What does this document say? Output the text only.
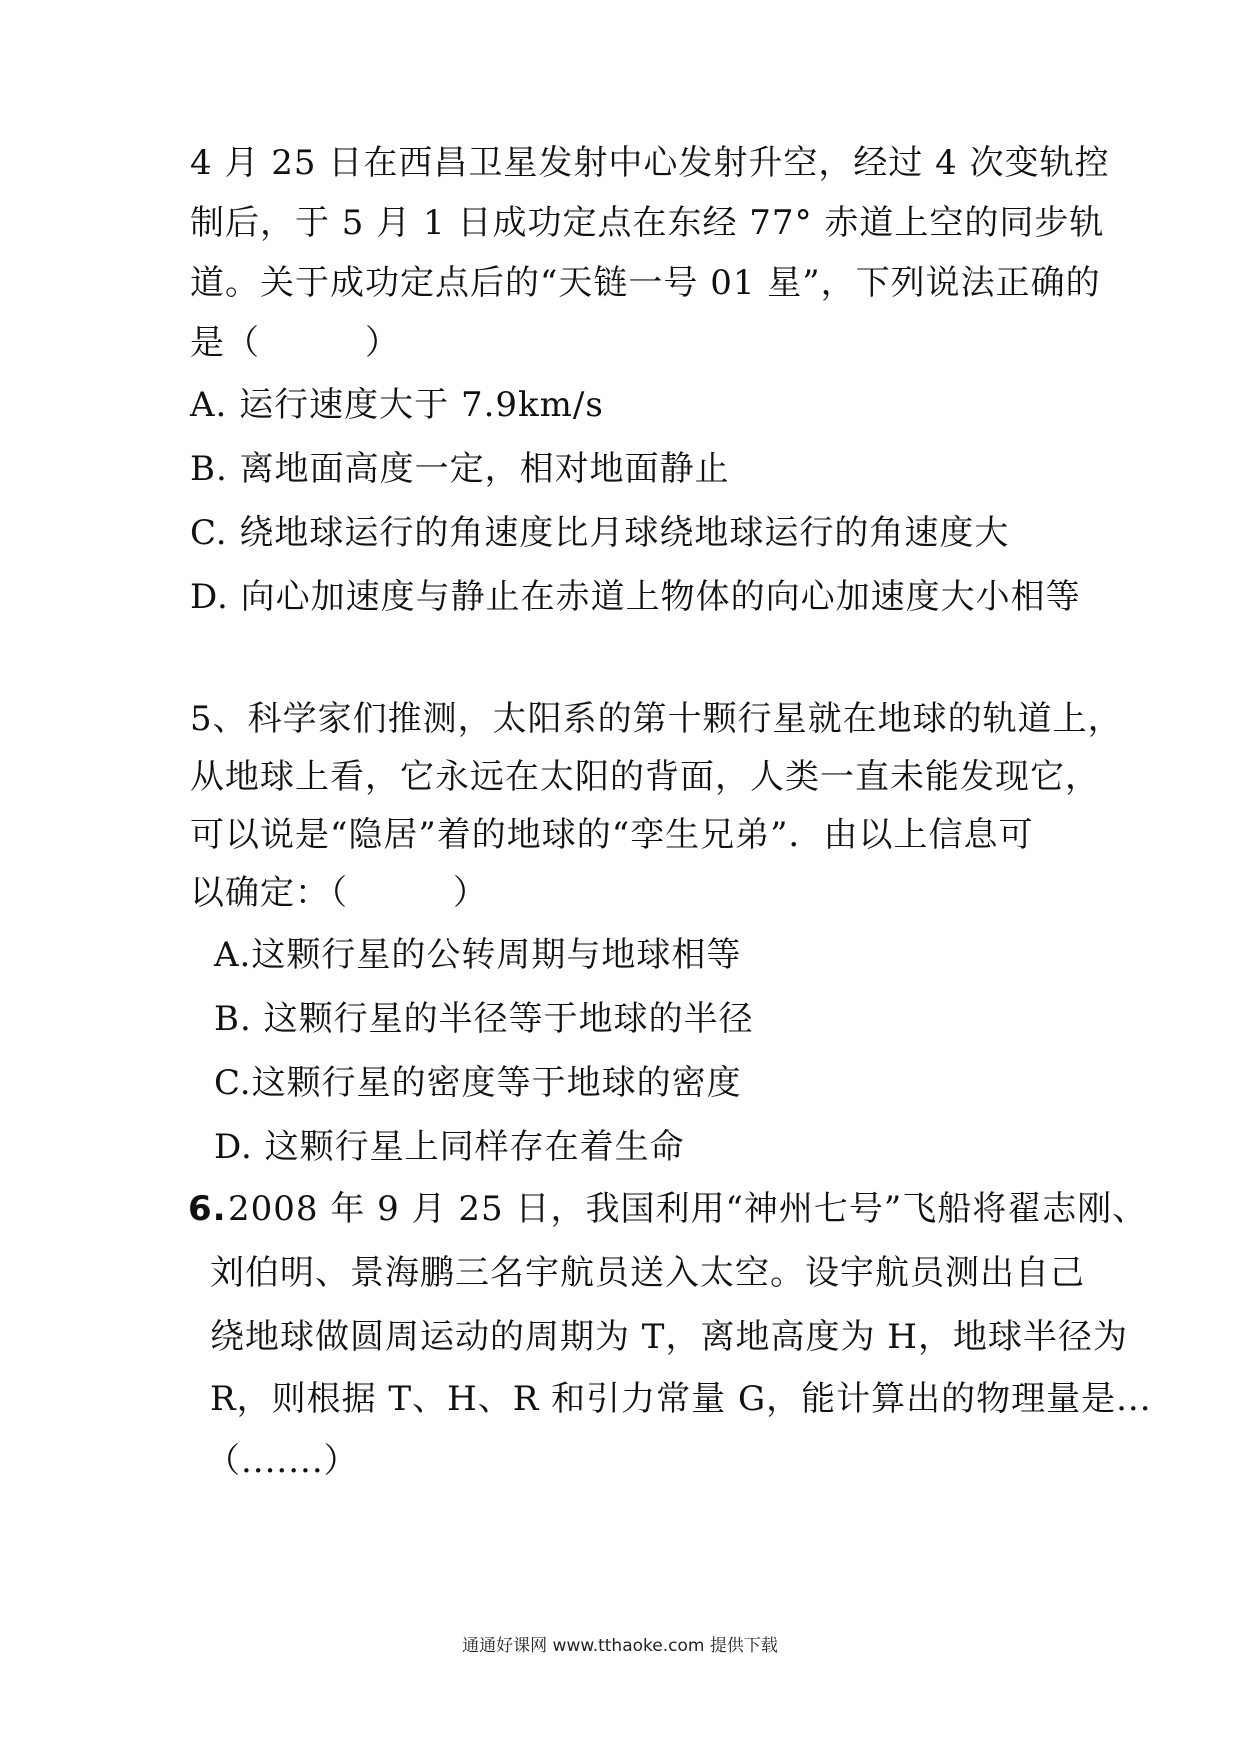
4 月 25 日在西昌卫星发射中心发射升空，经过 4 次变轨控
制后，于 5 月 1 日成功定点在东经 77° 赤道上空的同步轨
道。关于成功定点后的“天链一号 01 星”，下列说法正确的
是（　　　）
A. 运行速度大于 7.9km/s
B. 离地面高度一定，相对地面静止
C. 绕地球运行的角速度比月球绕地球运行的角速度大
D. 向心加速度与静止在赤道上物体的向心加速度大小相等
5、科学家们推测，太阳系的第十颗行星就在地球的轨道上，
从地球上看，它永远在太阳的背面，人类一直未能发现它，
可以说是“隐居”着的地球的“孪生兄弟”．由以上信息可
以确定：（　　　）
A.这颗行星的公转周期与地球相等
B. 这颗行星的半径等于地球的半径
C.这颗行星的密度等于地球的密度
D. 这颗行星上同样存在着生命
6. 2008 年 9 月 25 日，我国利用“神州七号”飞船将翟志刚、
刘伯明、景海鹏三名宇航员送入太空。设宇航员测出自己
绕地球做圆周运动的周期为 T，离地高度为 H，地球半径为
R，则根据 T、H、R 和引力常量 G，能计算出的物理量是...
（.......）
通通好课网 www.tthaoke.com 提供下载
